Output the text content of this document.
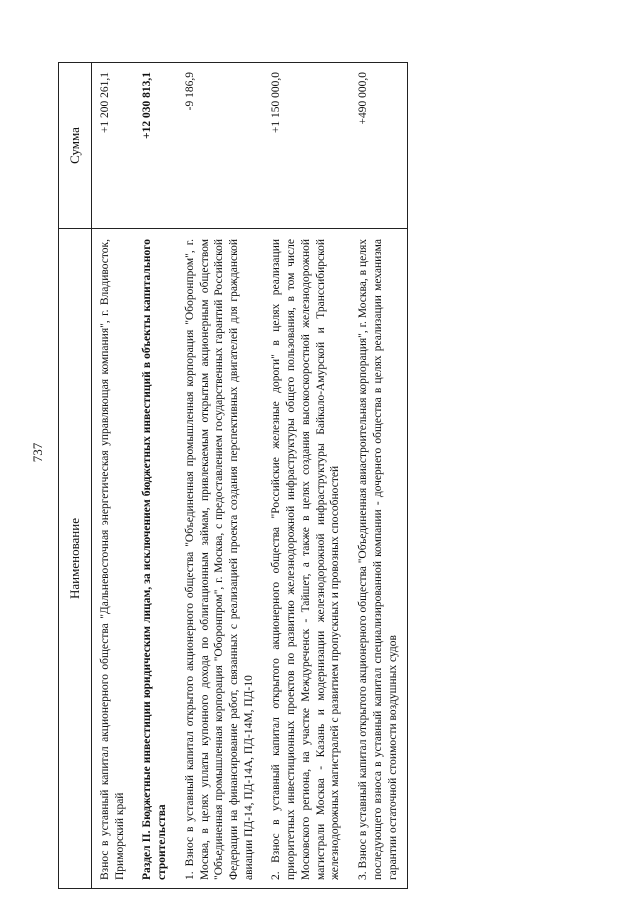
737
Наименование	Сумма
Взнос в уставный капитал акционерного общества "Дальневосточная энергетическая управляющая компания", г. Владивосток, Приморский край	+1 200 261,1
Раздел II. Бюджетные инвестиции юридическим лицам, за исключением бюджетных инвестиций в объекты капитального строительства	+12 030 813,1
1. Взнос в уставный капитал открытого акционерного общества "Объединенная промышленная корпорация "Оборонпром", г. Москва, в целях уплаты купонного дохода по облигационным займам, привлекаемым открытым акционерным обществом "Объединенная промышленная корпорация "Оборонпром", г. Москва, с предоставлением государственных гарантий Российской Федерации на финансирование работ, связанных с реализацией проекта создания перспективных двигателей для гражданской авиации ПД-14, ПД-14А, ПД-14М, ПД-10	-9 186,9
2. Взнос в уставный капитал открытого акционерного общества "Российские железные дороги" в целях реализации приоритетных инвестиционных проектов по развитию железнодорожной инфраструктуры общего пользования, в том числе Московского региона, на участке Междуреченск - Тайшет, а также в целях создания высокоскоростной железнодорожной магистрали Москва - Казань и модернизации железнодорожной инфраструктуры Байкало-Амурской и Транссибирской железнодорожных магистралей с развитием пропускных и провозных способностей	+1 150 000,0
3. Взнос в уставный капитал открытого акционерного общества "Объединенная авиастроительная корпорация", г. Москва, в целях последующего взноса в уставный капитал специализированной компании - дочернего общества в целях реализации механизма гарантии остаточной стоимости воздушных судов	+490 000,0
